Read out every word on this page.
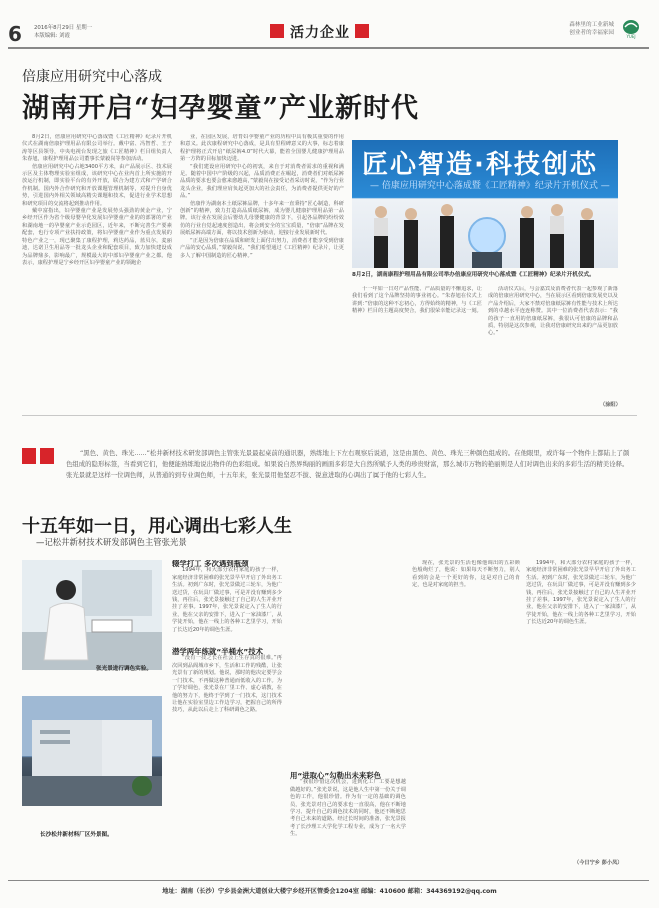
6 2016年8月29日 星期一
本版编辑: 刘霞	活力企业	森林里的工业新城
创业者的幸福家园
YUEJ
倍康应用研究中心落成
湖南开启“妇孕婴童”产业新时代

8月2日，倍康应用研究中心落成暨《工匠精神》纪录片开机仪式在湖南倍康护理用品有限公司举行。戴中富、冯智哲、王子涛等区县领导，中央电视台发现之旅《工匠精神》栏目组负责人朱春旭，康程护理用品公司董事长蒙毅岗等参加活动。

倍康应用研究中心占地3400平方米，由产品展示区、技术展示区及主体物理实验室组成，该研究中心在业内首上所实施的开放运行机制，即实验平台的有外开放，联合为建方式和产学研合作机制。国内外合作研究和开放课题管理机制等，对提升自身优势，引进国内外相关领域高精尖课题和技术，促进行业学术思想和研究项目的交流将起到推动作用。

戴中富指出，妇孕婴童产业是发展势头强劲的黄金产业，宁乡经开区作为省个级母婴孕化发展妇孕婴童产业的的部署的产业和湖南地一的孕婴童产业示范园区，近年来，不断完善生产要素配套，也行专项产业扶持政策，将妇孕婴童产业作为重点发展的特色产业之一，现已聚集了康程护理，莉达药品，蓝贝尔，麦丽迪，达诺卫生用品等一批龙头企业和配套项目，致力加快建设成为品牌鼎多，影响最广，规模最大的中部妇孕婴童产业之都。他表示，康程护理是宁乡经开区妇孕婴童产业的领跑企

业，在园区发展，培育妇孕婴童产业的历程中具有极其重要的作用和意义。此次康程研究中心落成，是具有里程碑意义的大事，标志着康程护理将正式开启“纸尿裤4.0”时代大幕，能着全国婴儿健康护理用品第一方阵的目标加快迈进。

“我们建设应用研究中心的初衷，来自于对消费者需求的重视和满足。随着中国中产阶级的兴起，品质消费正在崛起，消费者们对纸尿裤品质的要求也要会愈来愈越高，”蒙毅岗在接受记者采访时说，“作为行业龙头企业，我们理应肩负起更加大的社会责任，为消费者提供更好的产品。”

倍康作为湖南本土纸尿裤品牌，十多年来一直秉持“匠心制造，科研创新”的精神，致力打造高品质纸尿裤，成为婴儿健康护理用品第一品牌。该行业在发展会后婴幼儿母婴健康的背景下，引起各品牌的纷纷效仿的行业自觉起速度创造出，将会到安全的宝宝质量，“倍康”品牌在发展纸尿裤高端方面，将以技术创新为驱动，迎接行业发展新时代。

“正是因为倍康在品质和研发上面付出努力，消费者才能享受到倍康产品的安心品质，”蒙毅岗说，“我们希望通过《工匠精神》纪录片，让更多人了解中国制造的匠心精神。”

匠心智造·科技创芯
— 倍康应用研究中心落成暨《工匠精神》纪录片开机仪式 —
8月2日，湖南康程护理用品有限公司举办倍康应用研究中心落成暨《工匠精神》纪录片开机仪式。

十一年如一日对产品性能、产品质量的不懈追求，让我们看到了这个品牌坚持的事业初心。“朱春旭在仪式上讲到：”倍康的这种不忘初心，方得始终的精神，与《工匠精神》栏目的主题高度契合，我们很荣幸能记录这一刻。

活动仪式后，与会嘉宾及消费者代表一起参观了新落成的倍康应用研究中心，当在展示区看到倍康发展史以及产品介绍后，大家不禁对倍康纸尿裤有性能与技术上所达到的卓越水平连连称赞。其中一位消费者代表表示：“我的孩子一直用的倍康纸尿裤，我很认可倍康的品牌和品质，特别是这次参观，让我对倍康研究出来的产品更加放心。”

（涂阳）
“黑色、黄色、珠光......”松井新材技术研发部调色主管张光景最起桌前的通讯器，熟练地上下左右观察后说道，这是由黑色、黄色、珠光三种颜色组成的。在他眼里，或许每一个物件上都陆上了颜色组成的隐形标签，当看到它们，他便能熟练地说出物件的色彩组成。如果说自然界绚丽的画面多彩是大自然所赋予人类的珍贵财富，那么城市万物的艳丽则是人们对调色出来的多彩生活的精美诠释。张光景就是这样一位调色师，从普通的到专业调色师，十五年来，张光景用他坚忍不拔、锐意进取的心调出了属于他的七彩人生。
十五年如一日，用心调出七彩人生
—记松井新材技术研发部调色主管张光景
张光景进行调色实验。
长沙松井新材料厂区外景图。

辍学打工 多次遇到瓶颈

1994年，和大部分农村家庭的孩子一样，家庭经济非常困难的张光景早早开启了外出务工生活。初到广东时，张光景做过三轮车，为他广送过货，在玩具厂做过事，可是并没有赚到多少钱，再往后，张光景接触过了自己的人生并业开挂了差事。1997年，张光景说定入了生人的行业，他在父亲的安排下，进入了一家油漆厂，从学徒开始，他在一线上的各种工艺里学习，开始了长达近20年的调色生涯。

潜学两年练就“半桶水”技术

“没有一技之长在社会上生存真的很难。”再次回到品阁城市乡下，生活和工作的残酷，让张光景有了新的规划。他说，那时的他决定要学会一门技术，不再做这种普通而低收入的工作。为了学好调色，张光景在厂里工作、虚心请教，在他的努力下，他终于学到了一门技术，这门技术让他在实验室里边工作边学习，把握自己的所得技巧，从此以后走上了科研调色之路。

用“进取心”勾勒出未来彩色

“我很珍惜这次机会，进到化工厂工要是想越做越好的。”张光景说，这是他人生中第一份关于调色的工作，他很珍惜。作为有一定的基础的调色员，张光景对自己的要求也一直很高，他在不断地学习、提升自己的调色技术的同时，他还不断地思考自己未来的道路。经过长时间的准备，张光景报考了长沙理工大学化学工程专业，成为了一名大学生。

现在，张光景的生活也像他调出的五彩颜色般绚烂了，他说：如果每天不断努力，别人看到的会是一个更好的你，这是对自己的肯定，也是对家庭的担当。

1994年，和大部分农村家庭的孩子一样，家庭经济非常困难的张光景早早开启了外出务工生活。初到广东时，张光景做过三轮车，为他广送过货，在玩具厂做过事，可是并没有赚到多少钱，再往后，张光景接触过了自己的人生并业开挂了差事。1997年，张光景说定入了生人的行业，他在父亲的安排下，进入了一家油漆厂，从学徒开始，他在一线上的各种工艺里学习，开始了长达近20年的调色生涯。

（今日宁乡 彭小凤）
地址：湖南（长沙）宁乡县金洲大道创业大楼宁乡经开区管委会1204室 邮编：410600 邮箱：344369192@qq.com
